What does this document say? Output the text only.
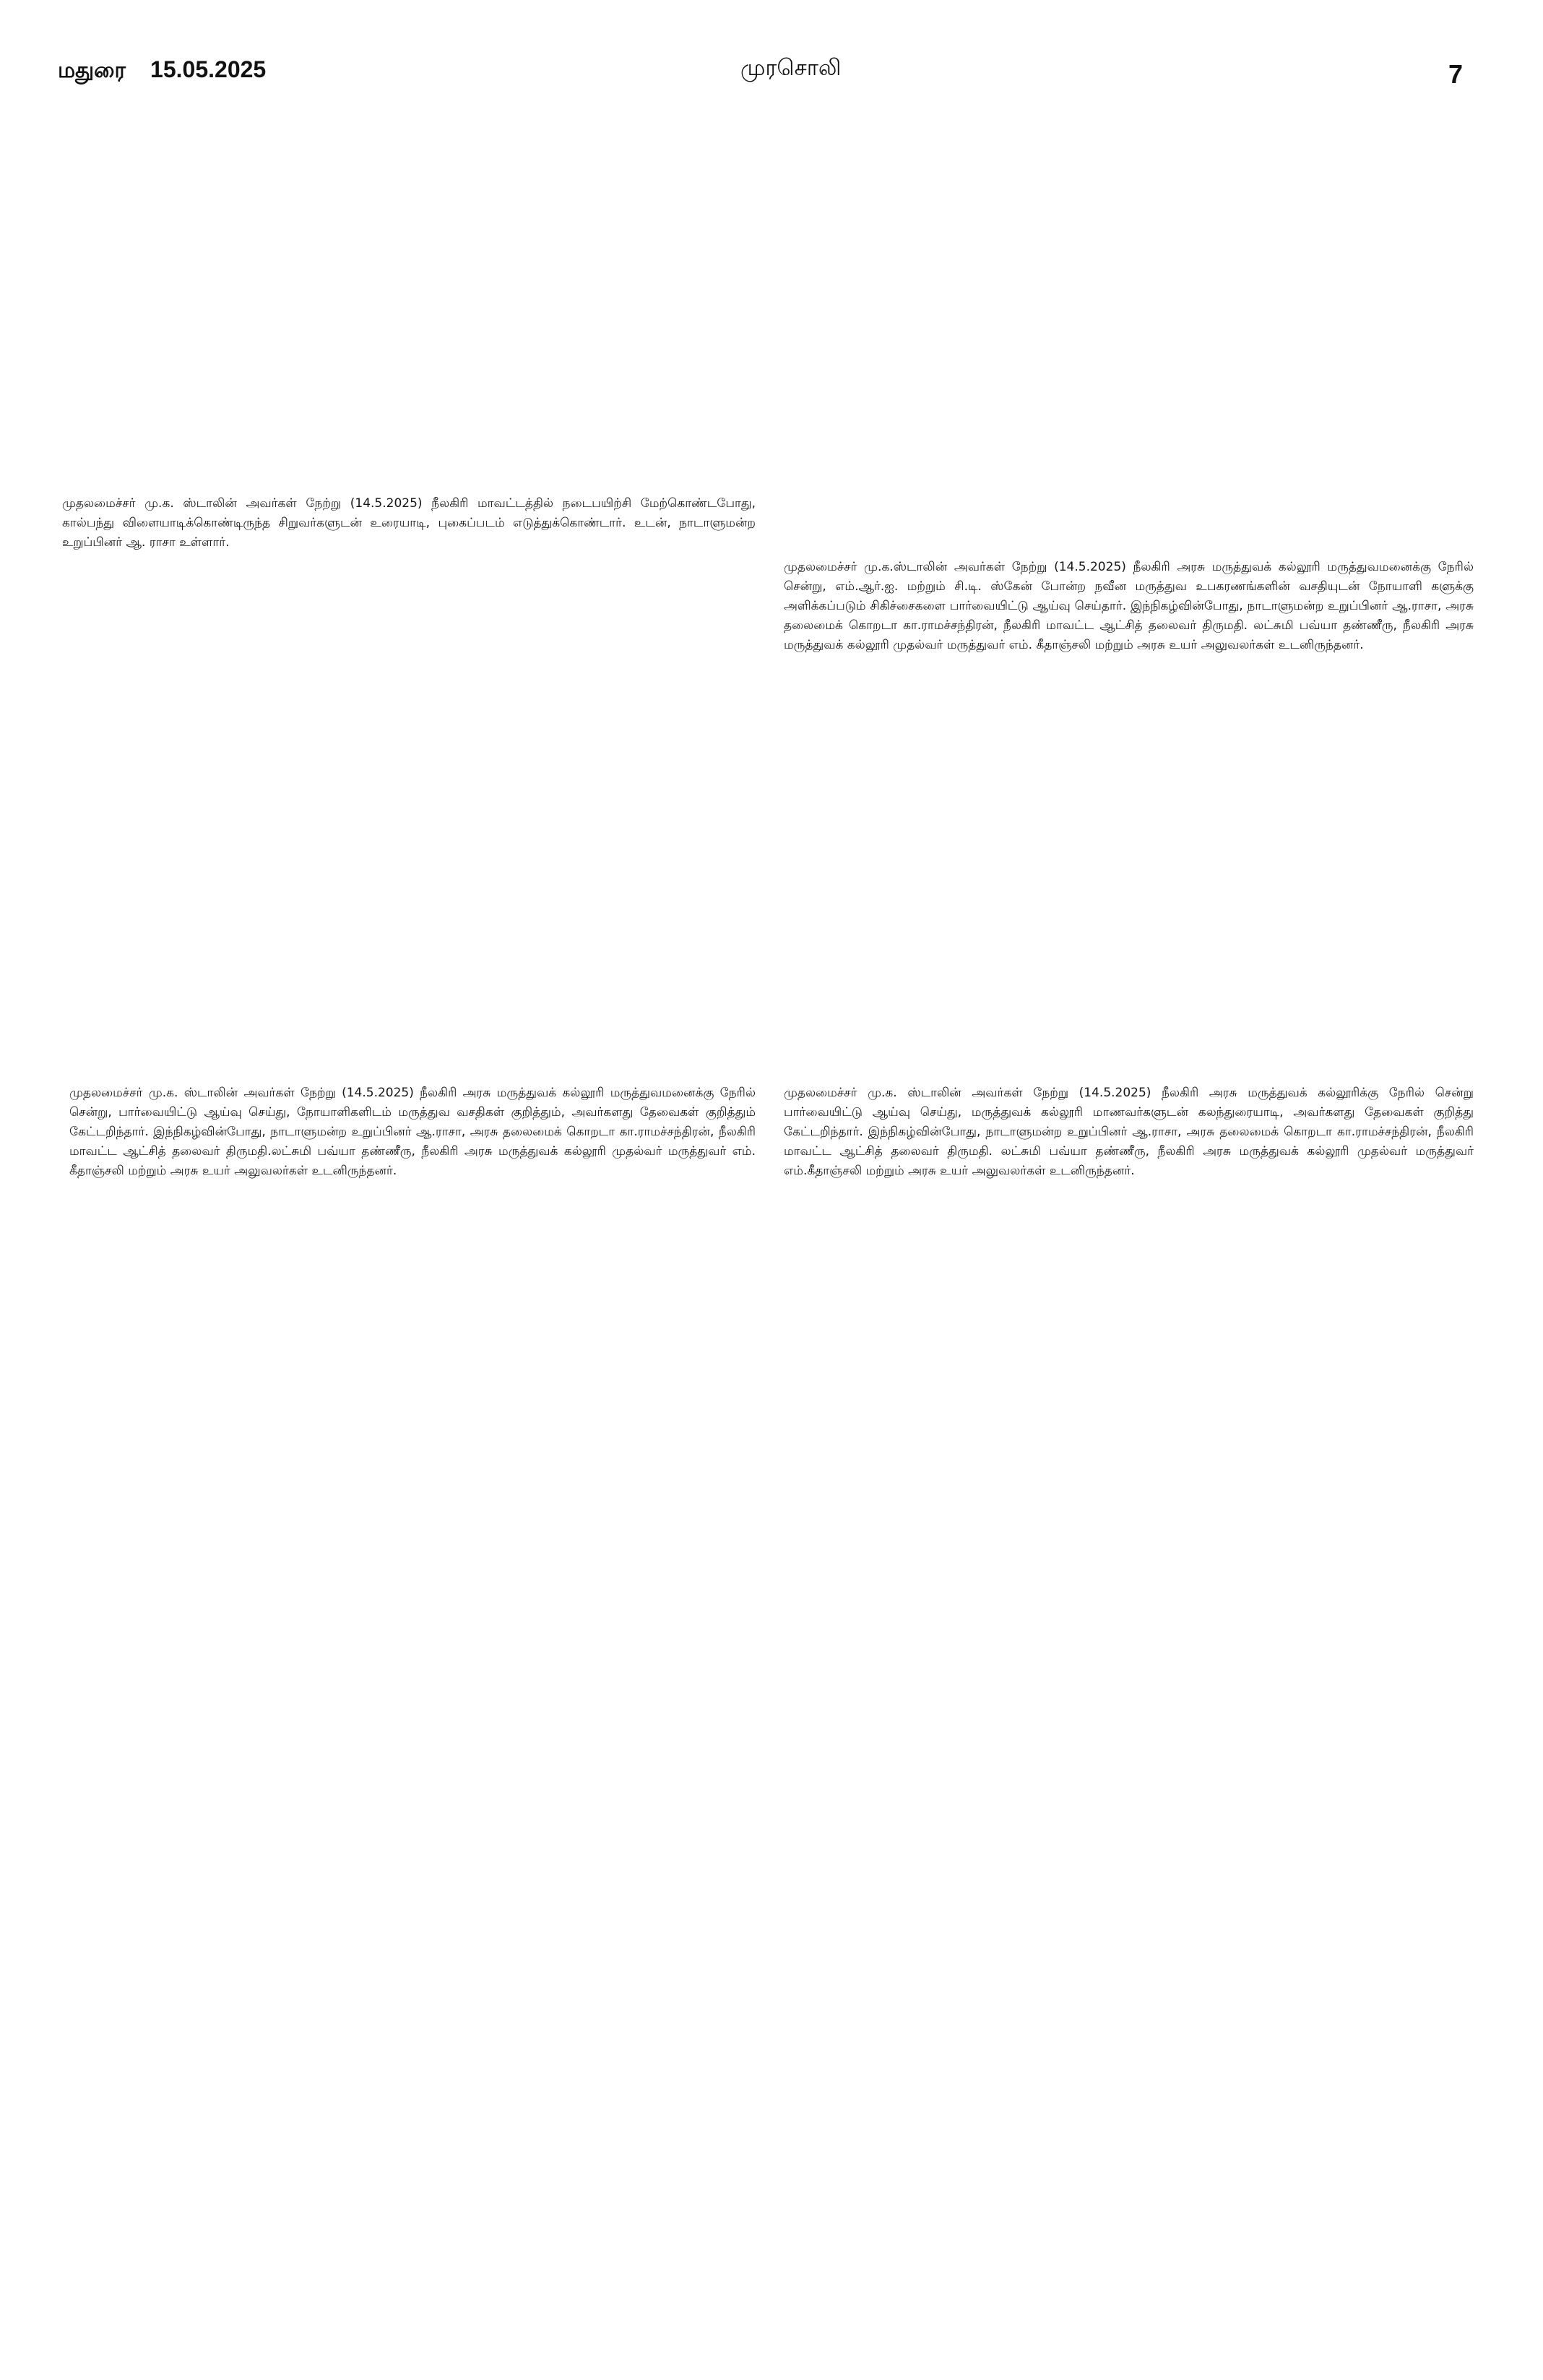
மதுரை 15.05.2025	முரசொலி	7
முதலமைச்சர் மு.க. ஸ்டாலின் அவர்கள் நேற்று (14.5.2025) நீலகிரி மாவட்டத்தில் நடைபயிற்சி மேற்கொண்டபோது, கால்பந்து விளையாடிக்கொண்டிருந்த சிறுவர்களுடன் உரையாடி, புகைப்படம் எடுத்துக்கொண்டார். உடன், நாடாளுமன்ற உறுப்பினர் ஆ. ராசா உள்ளார்.
முதலமைச்சர் மு.க.ஸ்டாலின் அவர்கள் நேற்று (14.5.2025) நீலகிரி அரசு மருத்துவக் கல்லூரி மருத்துவமனைக்கு நேரில் சென்று, எம்.ஆர்.ஐ. மற்றும் சி.டி. ஸ்கேன் போன்ற நவீன மருத்துவ உபகரணங்களின் வசதியுடன் நோயாளி களுக்கு அளிக்கப்படும் சிகிச்சைகளை பார்வையிட்டு ஆய்வு செய்தார். இந்நிகழ்வின்போது, நாடாளுமன்ற உறுப்பினர் ஆ.ராசா, அரசு தலைமைக் கொறடா கா.ராமச்சந்திரன், நீலகிரி மாவட்ட ஆட்சித் தலைவர் திருமதி. லட்சுமி பவ்யா தண்ணீரு, நீலகிரி அரசு மருத்துவக் கல்லூரி முதல்வர் மருத்துவர் எம். கீதாஞ்சலி மற்றும் அரசு உயர் அலுவலர்கள் உடனிருந்தனர்.
முதலமைச்சர் மு.க. ஸ்டாலின் அவர்கள் நேற்று (14.5.2025) நீலகிரி அரசு மருத்துவக் கல்லூரி மருத்துவமனைக்கு நேரில் சென்று, பார்வையிட்டு ஆய்வு செய்து, நோயாளிகளிடம் மருத்துவ வசதிகள் குறித்தும், அவர்களது தேவைகள் குறித்தும் கேட்டறிந்தார். இந்நிகழ்வின்போது, நாடாளுமன்ற உறுப்பினர் ஆ.ராசா, அரசு தலைமைக் கொறடா கா.ராமச்சந்திரன், நீலகிரி மாவட்ட ஆட்சித் தலைவர் திருமதி.லட்சுமி பவ்யா தண்ணீரு, நீலகிரி அரசு மருத்துவக் கல்லூரி முதல்வர் மருத்துவர் எம். கீதாஞ்சலி மற்றும் அரசு உயர் அலுவலர்கள் உடனிருந்தனர்.
முதலமைச்சர் மு.க. ஸ்டாலின் அவர்கள் நேற்று (14.5.2025) நீலகிரி அரசு மருத்துவக் கல்லூரிக்கு நேரில் சென்று பார்வையிட்டு ஆய்வு செய்து, மருத்துவக் கல்லூரி மாணவர்களுடன் கலந்துரையாடி, அவர்களது தேவைகள் குறித்து கேட்டறிந்தார். இந்நிகழ்வின்போது, நாடாளுமன்ற உறுப்பினர் ஆ.ராசா, அரசு தலைமைக் கொறடா கா.ராமச்சந்திரன், நீலகிரி மாவட்ட ஆட்சித் தலைவர் திருமதி. லட்சுமி பவ்யா தண்ணீரு, நீலகிரி அரசு மருத்துவக் கல்லூரி முதல்வர் மருத்துவர் எம்.கீதாஞ்சலி மற்றும் அரசு உயர் அலுவலர்கள் உடனிருந்தனர்.
